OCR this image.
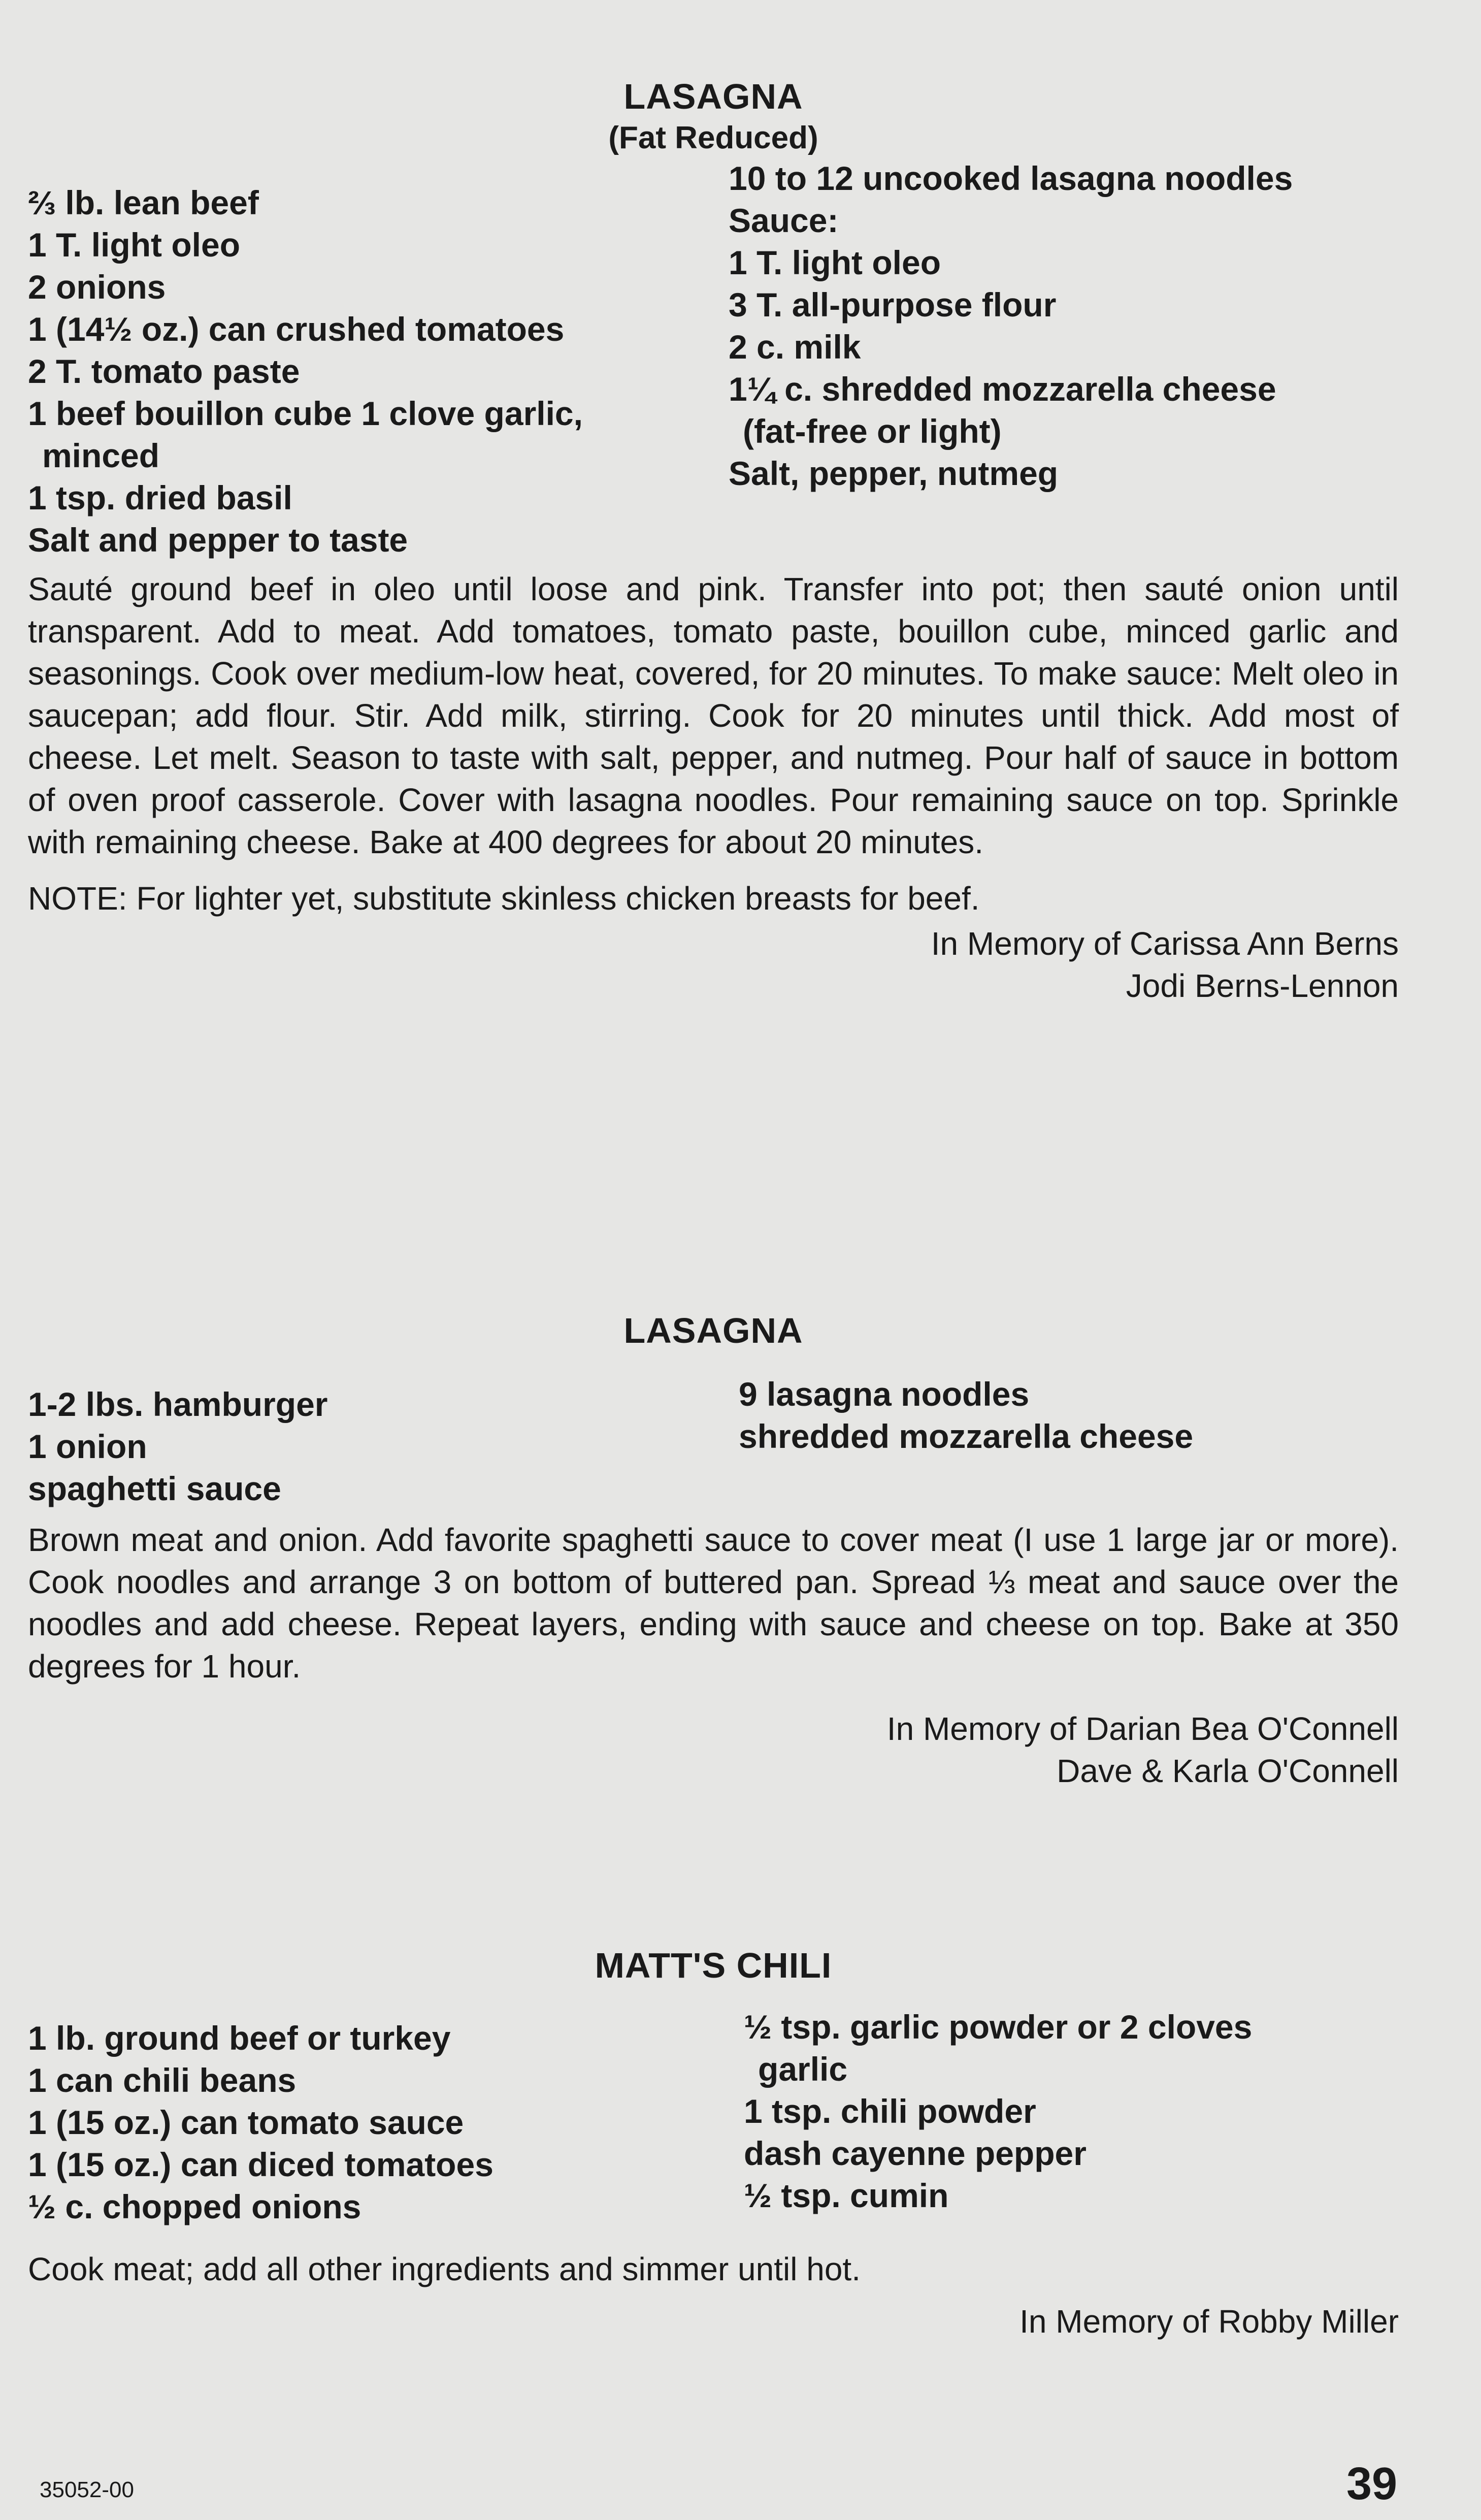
LASAGNA
(Fat Reduced)
⅔ lb. lean beef
1 T. light oleo
2 onions
1 (14½ oz.) can crushed tomatoes
2 T. tomato paste
1 beef bouillon cube 1 clove garlic,
minced
1 tsp. dried basil
Salt and pepper to taste
10 to 12 uncooked lasagna noodles
Sauce:
1 T. light oleo
3 T. all-purpose flour
2 c. milk
1¼ c. shredded mozzarella cheese
(fat-free or light)
Salt, pepper, nutmeg

Sauté ground beef in oleo until loose and pink. Transfer into pot; then sauté onion until transparent. Add to meat. Add tomatoes, tomato paste, bouillon cube, minced garlic and seasonings. Cook over medium-low heat, covered, for 20 minutes. To make sauce: Melt oleo in saucepan; add flour. Stir. Add milk, stirring. Cook for 20 minutes until thick. Add most of cheese. Let melt. Season to taste with salt, pepper, and nutmeg. Pour half of sauce in bottom of oven proof casserole. Cover with lasagna noodles. Pour remaining sauce on top. Sprinkle with remaining cheese. Bake at 400 degrees for about 20 minutes.

NOTE: For lighter yet, substitute skinless chicken breasts for beef.

In Memory of Carissa Ann Berns
Jodi Berns-Lennon
LASAGNA
1-2 lbs. hamburger
1 onion
spaghetti sauce
9 lasagna noodles
shredded mozzarella cheese

Brown meat and onion. Add favorite spaghetti sauce to cover meat (I use 1 large jar or more). Cook noodles and arrange 3 on bottom of buttered pan. Spread ⅓ meat and sauce over the noodles and add cheese. Repeat layers, ending with sauce and cheese on top. Bake at 350 degrees for 1 hour.

In Memory of Darian Bea O'Connell
Dave & Karla O'Connell
MATT'S CHILI
1 lb. ground beef or turkey
1 can chili beans
1 (15 oz.) can tomato sauce
1 (15 oz.) can diced tomatoes
½ c. chopped onions
½ tsp. garlic powder or 2 cloves
garlic
1 tsp. chili powder
dash cayenne pepper
½ tsp. cumin

Cook meat; add all other ingredients and simmer until hot.

In Memory of Robby Miller
35052-00	39
